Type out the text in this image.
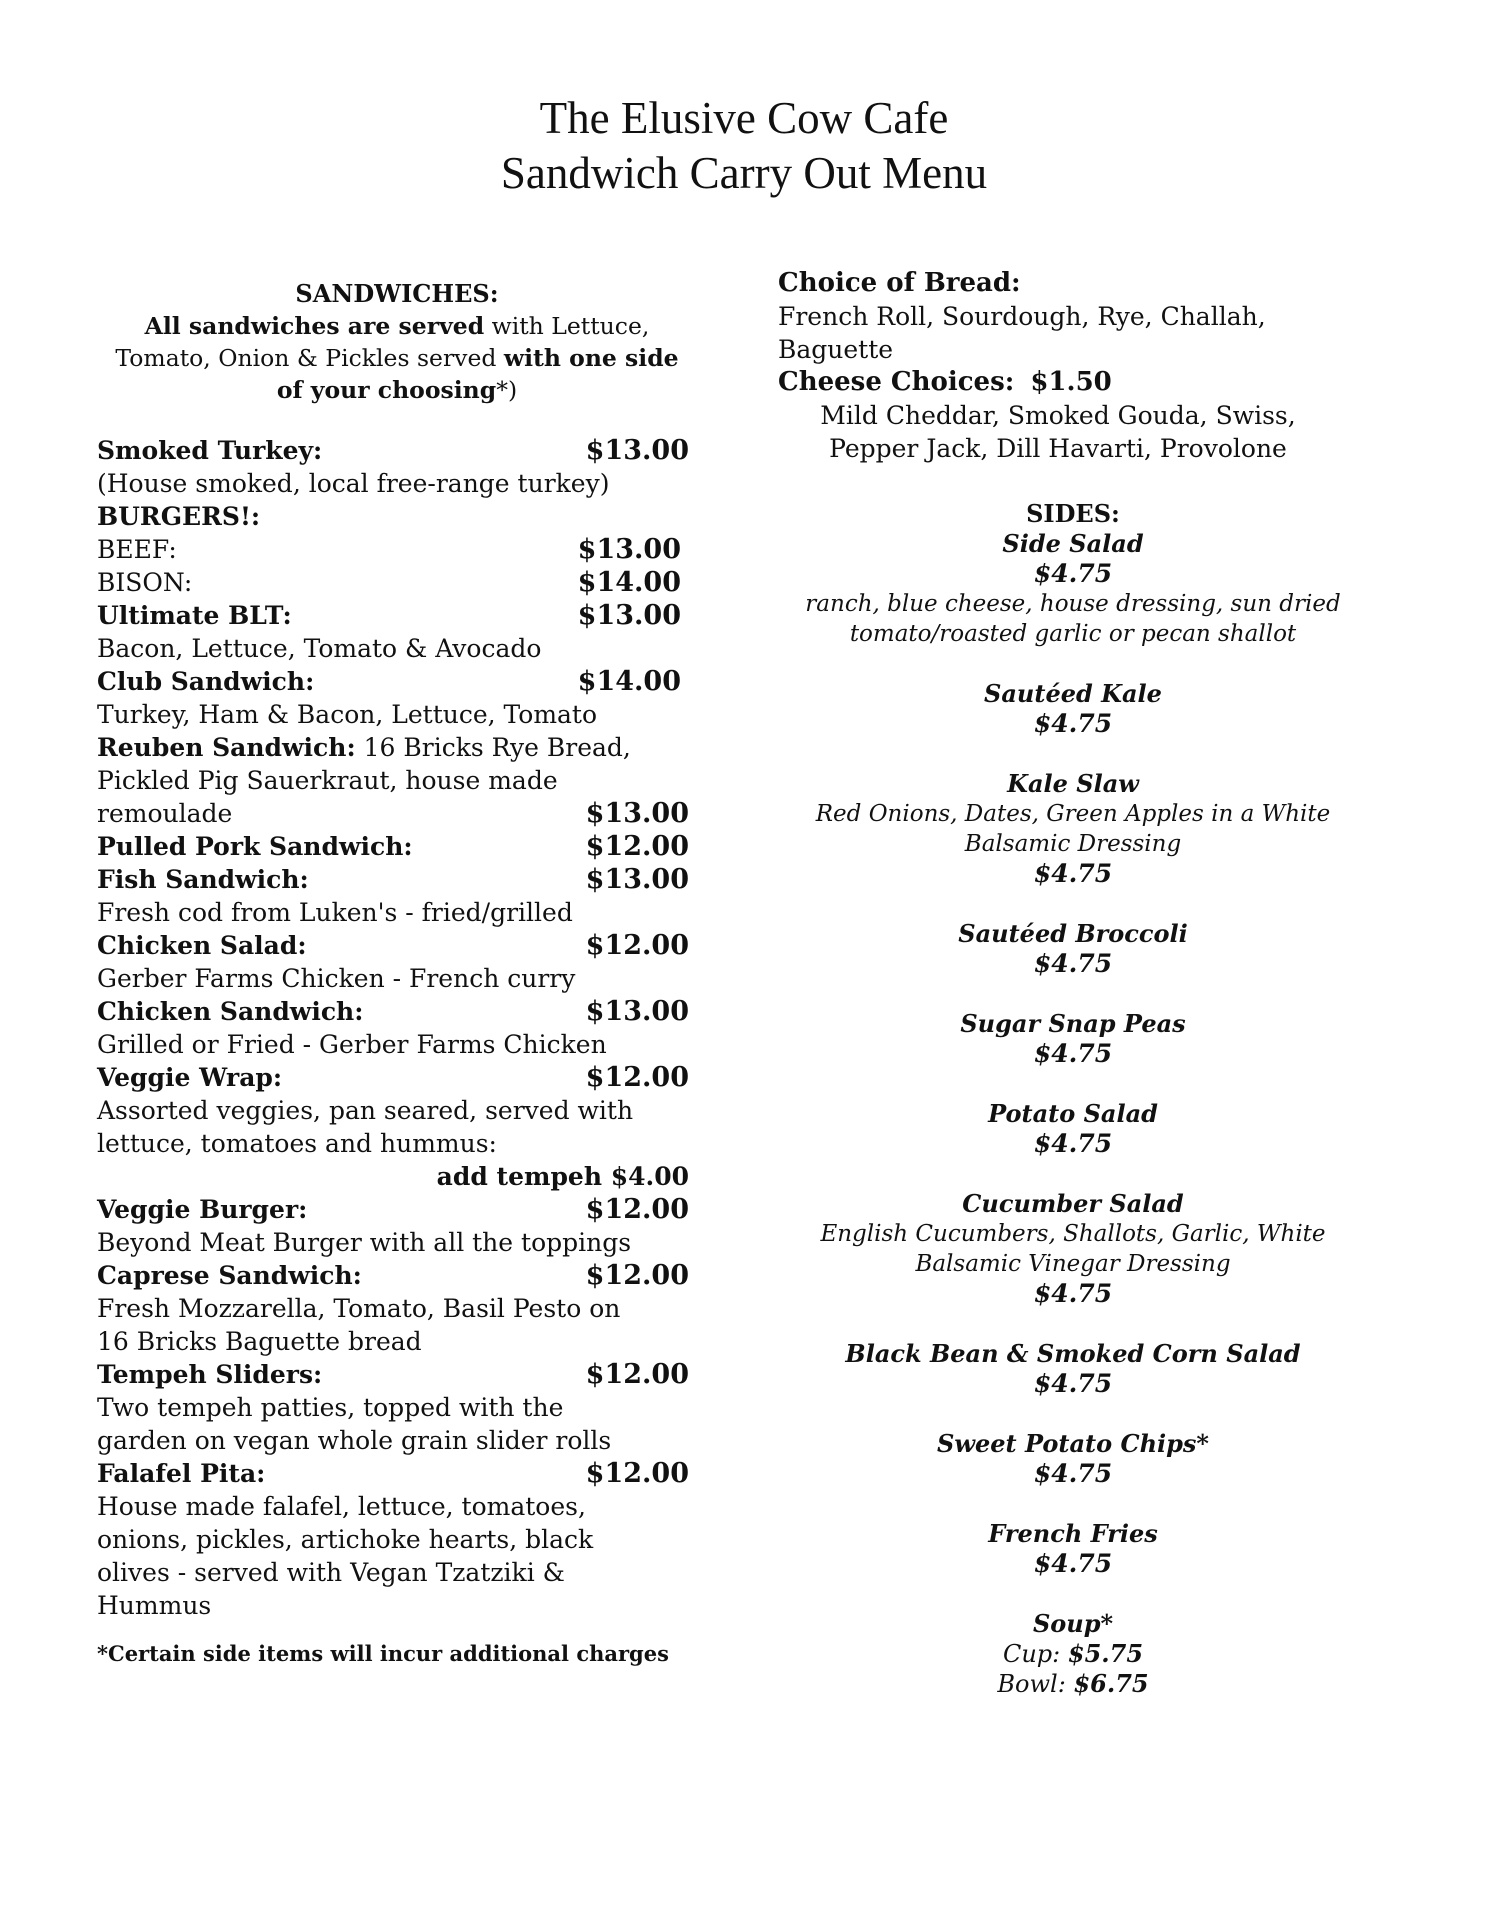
The Elusive Cow Cafe
Sandwich Carry Out Menu
SANDWICHES:
All sandwiches are served with Lettuce,
Tomato, Onion & Pickles served with one side
of your choosing*)
Smoked Turkey:	$13.00
(House smoked, local free-range turkey)
BURGERS!:
BEEF:	$13.00
BISON:	$14.00
Ultimate BLT:	$13.00
Bacon, Lettuce, Tomato & Avocado
Club Sandwich:	$14.00
Turkey, Ham & Bacon, Lettuce, Tomato
Reuben Sandwich: 16 Bricks Rye Bread,
Pickled Pig Sauerkraut, house made
remoulade	$13.00
Pulled Pork Sandwich:	$12.00
Fish Sandwich:	$13.00
Fresh cod from Luken's - fried/grilled
Chicken Salad:	$12.00
Gerber Farms Chicken - French curry
Chicken Sandwich:	$13.00
Grilled or Fried - Gerber Farms Chicken
Veggie Wrap:	$12.00
Assorted veggies, pan seared, served with lettuce, tomatoes and hummus:
add tempeh $4.00
Veggie Burger:	$12.00
Beyond Meat Burger with all the toppings
Caprese Sandwich:	$12.00
Fresh Mozzarella, Tomato, Basil Pesto on 16 Bricks Baguette bread
Tempeh Sliders:	$12.00
Two tempeh patties, topped with the garden on vegan whole grain slider rolls
Falafel Pita:	$12.00
House made falafel, lettuce, tomatoes, onions, pickles, artichoke hearts, black olives - served with Vegan Tzatziki & Hummus
*Certain side items will incur additional charges
Choice of Bread:
French Roll, Sourdough, Rye, Challah, Baguette
Cheese Choices: $1.50
Mild Cheddar, Smoked Gouda, Swiss, Pepper Jack, Dill Havarti, Provolone
SIDES:
Side Salad
$4.75
ranch, blue cheese, house dressing, sun dried tomato/roasted garlic or pecan shallot
Sautéed Kale
$4.75
Kale Slaw
Red Onions, Dates, Green Apples in a White Balsamic Dressing
$4.75
Sautéed Broccoli
$4.75
Sugar Snap Peas
$4.75
Potato Salad
$4.75
Cucumber Salad
English Cucumbers, Shallots, Garlic, White Balsamic Vinegar Dressing
$4.75
Black Bean & Smoked Corn Salad
$4.75
Sweet Potato Chips*
$4.75
French Fries
$4.75
Soup*
Cup: $5.75
Bowl: $6.75
